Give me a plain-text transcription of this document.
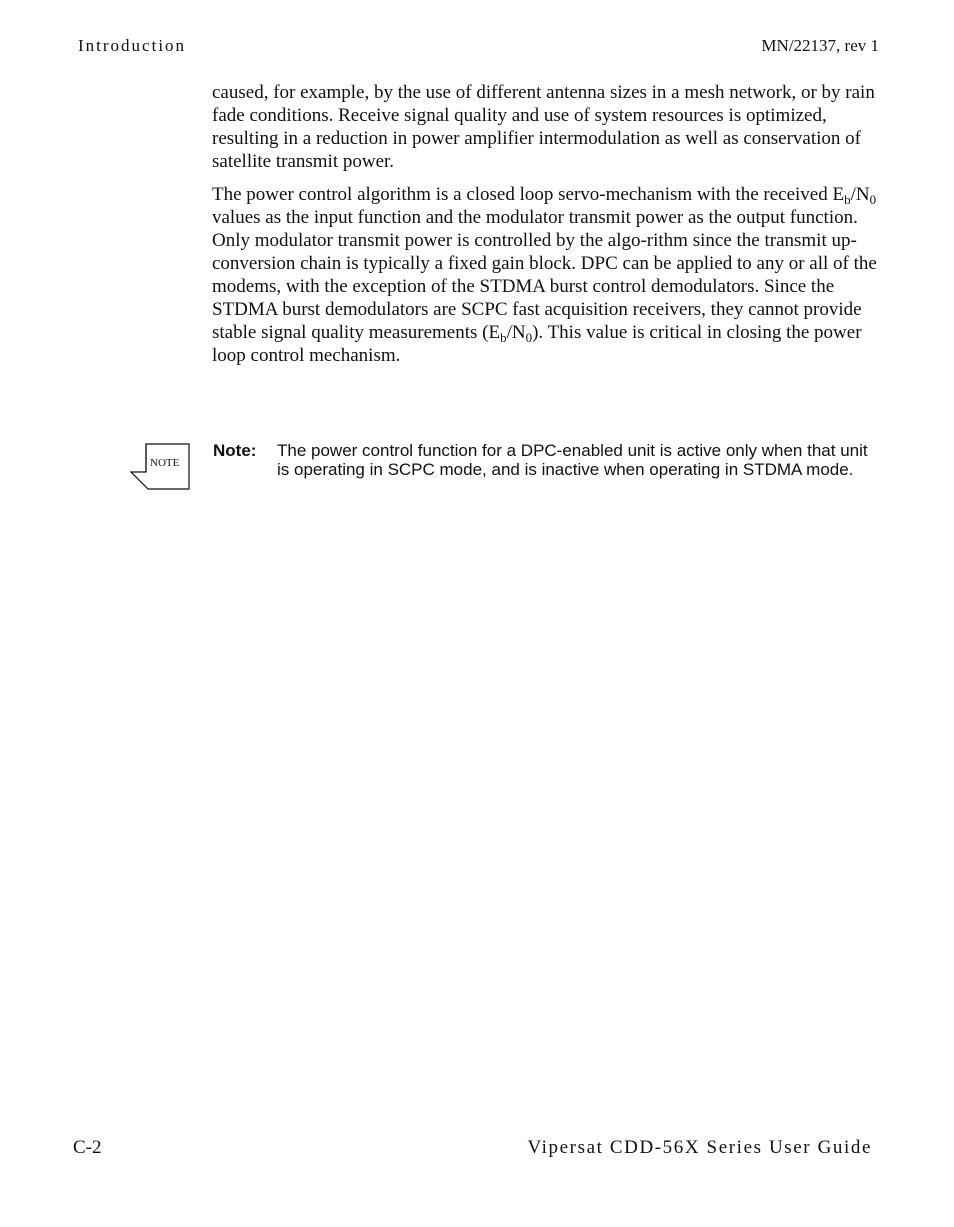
Introduction	MN/22137, rev 1

caused, for example, by the use of different antenna sizes in a mesh network, or by rain fade conditions. Receive signal quality and use of system resources is optimized, resulting in a reduction in power amplifier intermodulation as well as conservation of satellite transmit power.

The power control algorithm is a closed loop servo-mechanism with the received $E_b/N_0$ values as the input function and the modulator transmit power as the output function. Only modulator transmit power is controlled by the algo-rithm since the transmit up-conversion chain is typically a fixed gain block. DPC can be applied to any or all of the modems, with the exception of the STDMA burst control demodulators. Since the STDMA burst demodulators are SCPC fast acquisition receivers, they cannot provide stable signal quality measurements $(E_b/N_0)$. This value is critical in closing the power loop control mechanism.

NOTE
Note: The power control function for a DPC-enabled unit is active only when that unit is operating in SCPC mode, and is inactive when operating in STDMA mode.
C-2	Vipersat CDD-56X Series User Guide
